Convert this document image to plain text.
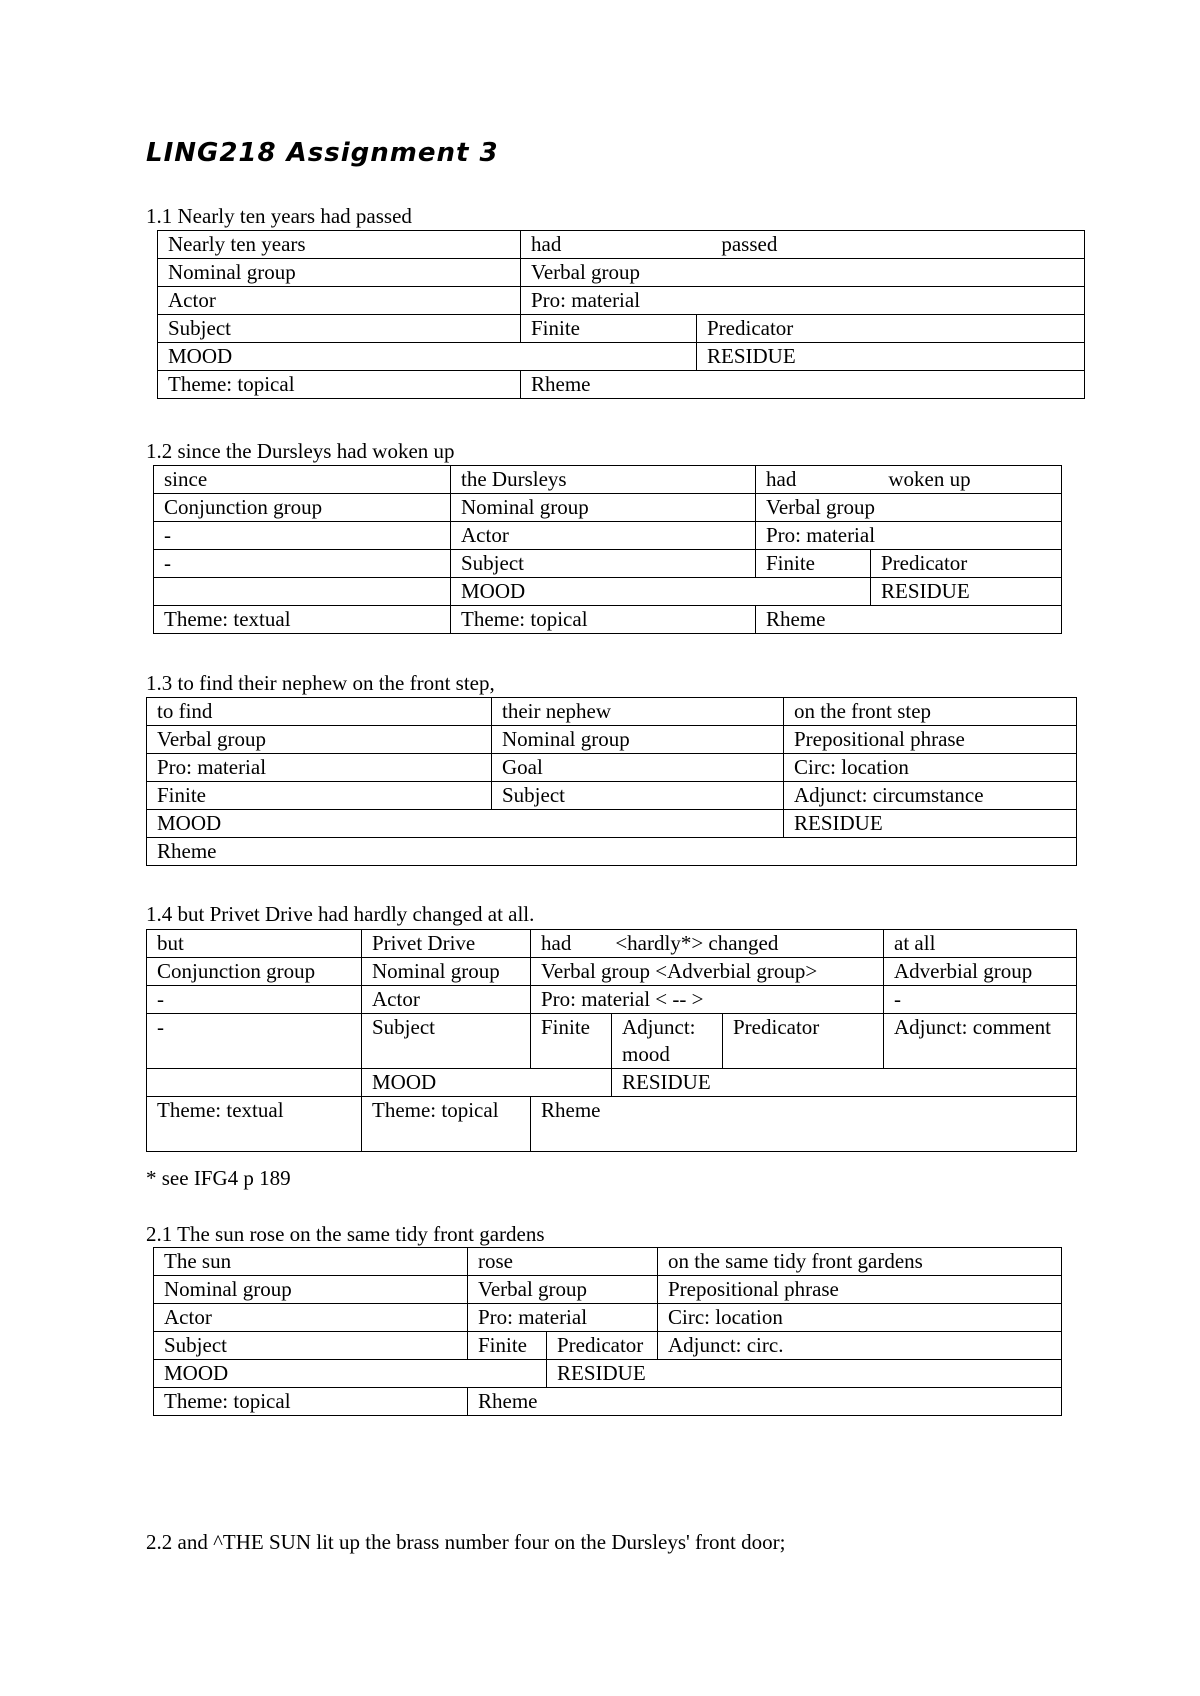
LING218 Assignment 3
1.1 Nearly ten years had passed
Nearly ten years	had passed	
Nominal group	Verbal group	
Actor	Pro: material	
Subject	Finite	Predicator
MOOD		RESIDUE
Theme: topical	Rheme	
1.2 since the Dursleys had woken up
since	the Dursleys	had woken up	
Conjunction group	Nominal group	Verbal group	
-	Actor	Pro: material	
-	Subject	Finite	Predicator
	MOOD		RESIDUE
Theme: textual	Theme: topical	Rheme	
1.3 to find their nephew on the front step,
to find	their nephew	on the front step
Verbal group	Nominal group	Prepositional phrase
Pro: material	Goal	Circ: location
Finite	Subject	Adjunct: circumstance
MOOD		RESIDUE
Rheme		
1.4 but Privet Drive had hardly changed at all.
but	Privet Drive	had <hardly*> changed			at all
Conjunction group	Nominal group	Verbal group <Adverbial group>			Adverbial group
-	Actor	Pro: material < -- >			-
-	Subject	Finite	Adjunct: mood	Predicator	Adjunct: comment
	MOOD		RESIDUE		
Theme: textual	Theme: topical	Rheme			
* see IFG4 p 189
2.1 The sun rose on the same tidy front gardens
The sun	rose		on the same tidy front gardens
Nominal group	Verbal group		Prepositional phrase
Actor	Pro: material		Circ: location
Subject	Finite	Predicator	Adjunct: circ.
MOOD		RESIDUE	
Theme: topical	Rheme		
2.2 and ^THE SUN lit up the brass number four on the Dursleys' front door;
